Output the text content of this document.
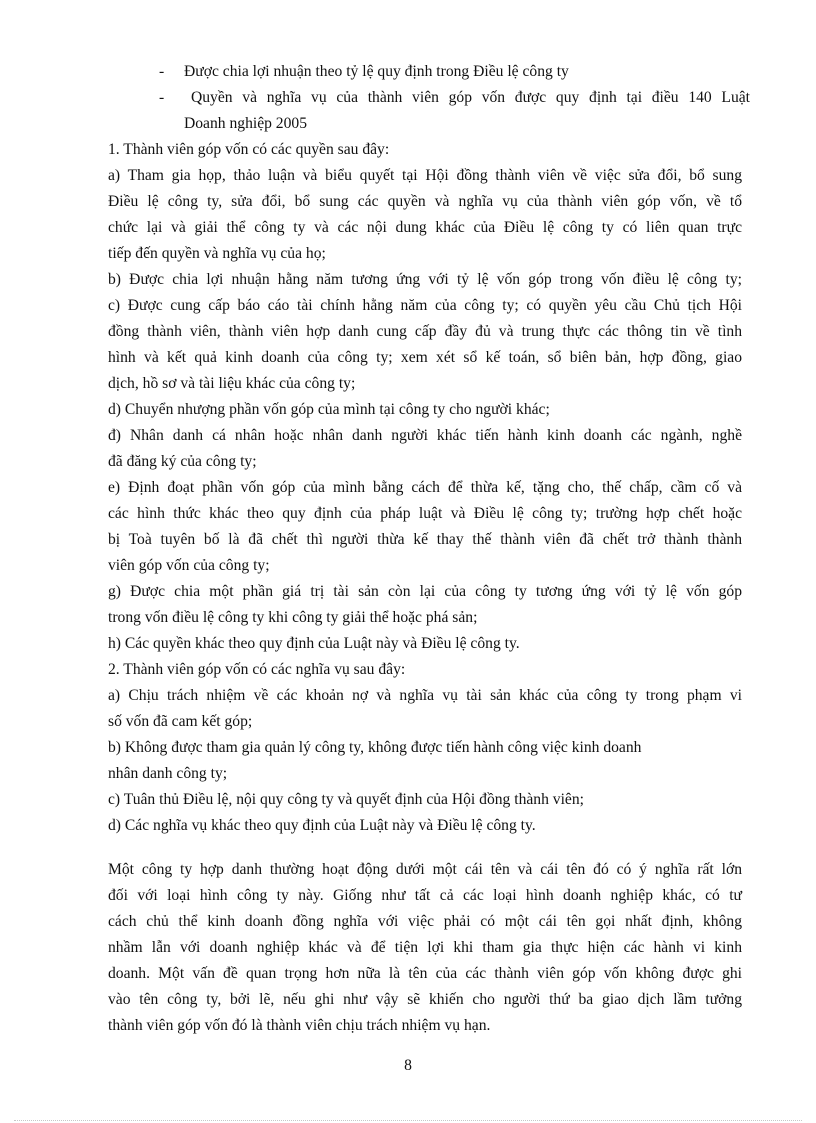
- Được chia lợi nhuận theo tỷ lệ quy định trong Điều lệ công ty
- Quyền và nghĩa vụ của thành viên góp vốn được quy định tại điều 140 Luật
Doanh nghiệp 2005
1. Thành viên góp vốn có các quyền sau đây:
a) Tham gia họp, thảo luận và biểu quyết tại Hội đồng thành viên về việc sửa đổi, bổ sung
Điều lệ công ty, sửa đổi, bổ sung các quyền và nghĩa vụ của thành viên góp vốn, về tổ
chức lại và giải thể công ty và các nội dung khác của Điều lệ công ty có liên quan trực
tiếp đến quyền và nghĩa vụ của họ;
b) Được chia lợi nhuận hằng năm tương ứng với tỷ lệ vốn góp trong vốn điều lệ công ty;
c) Được cung cấp báo cáo tài chính hằng năm của công ty; có quyền yêu cầu Chủ tịch Hội
đồng thành viên, thành viên hợp danh cung cấp đầy đủ và trung thực các thông tin về tình
hình và kết quả kinh doanh của công ty; xem xét sổ kế toán, sổ biên bản, hợp đồng, giao
dịch, hồ sơ và tài liệu khác của công ty;
d) Chuyển nhượng phần vốn góp của mình tại công ty cho người khác;
đ) Nhân danh cá nhân hoặc nhân danh người khác tiến hành kinh doanh các ngành, nghề
đã đăng ký của công ty;
e) Định đoạt phần vốn góp của mình bằng cách để thừa kế, tặng cho, thế chấp, cầm cố và
các hình thức khác theo quy định của pháp luật và Điều lệ công ty; trường hợp chết hoặc
bị Toà tuyên bố là đã chết thì người thừa kế thay thế thành viên đã chết trở thành thành
viên góp vốn của công ty;
g) Được chia một phần giá trị tài sản còn lại của công ty tương ứng với tỷ lệ vốn góp
trong vốn điều lệ công ty khi công ty giải thể hoặc phá sản;
h) Các quyền khác theo quy định của Luật này và Điều lệ công ty.
2. Thành viên góp vốn có các nghĩa vụ sau đây:
a) Chịu trách nhiệm về các khoản nợ và nghĩa vụ tài sản khác của công ty trong phạm vi
số vốn đã cam kết góp;
b) Không được tham gia quản lý công ty, không được tiến hành công việc kinh doanh
nhân danh công ty;
c) Tuân thủ Điều lệ, nội quy công ty và quyết định của Hội đồng thành viên;
d) Các nghĩa vụ khác theo quy định của Luật này và Điều lệ công ty.
Một công ty hợp danh thường hoạt động dưới một cái tên và cái tên đó có ý nghĩa rất lớn
đối với loại hình công ty này. Giống như tất cả các loại hình doanh nghiệp khác, có tư
cách chủ thể kinh doanh đồng nghĩa với việc phải có một cái tên gọi nhất định, không
nhầm lẫn với doanh nghiệp khác và để tiện lợi khi tham gia thực hiện các hành vi kinh
doanh. Một vấn đề quan trọng hơn nữa là tên của các thành viên góp vốn không được ghi
vào tên công ty, bởi lẽ, nếu ghi như vậy sẽ khiến cho người thứ ba giao dịch lầm tưởng
thành viên góp vốn đó là thành viên chịu trách nhiệm vụ hạn.
8
